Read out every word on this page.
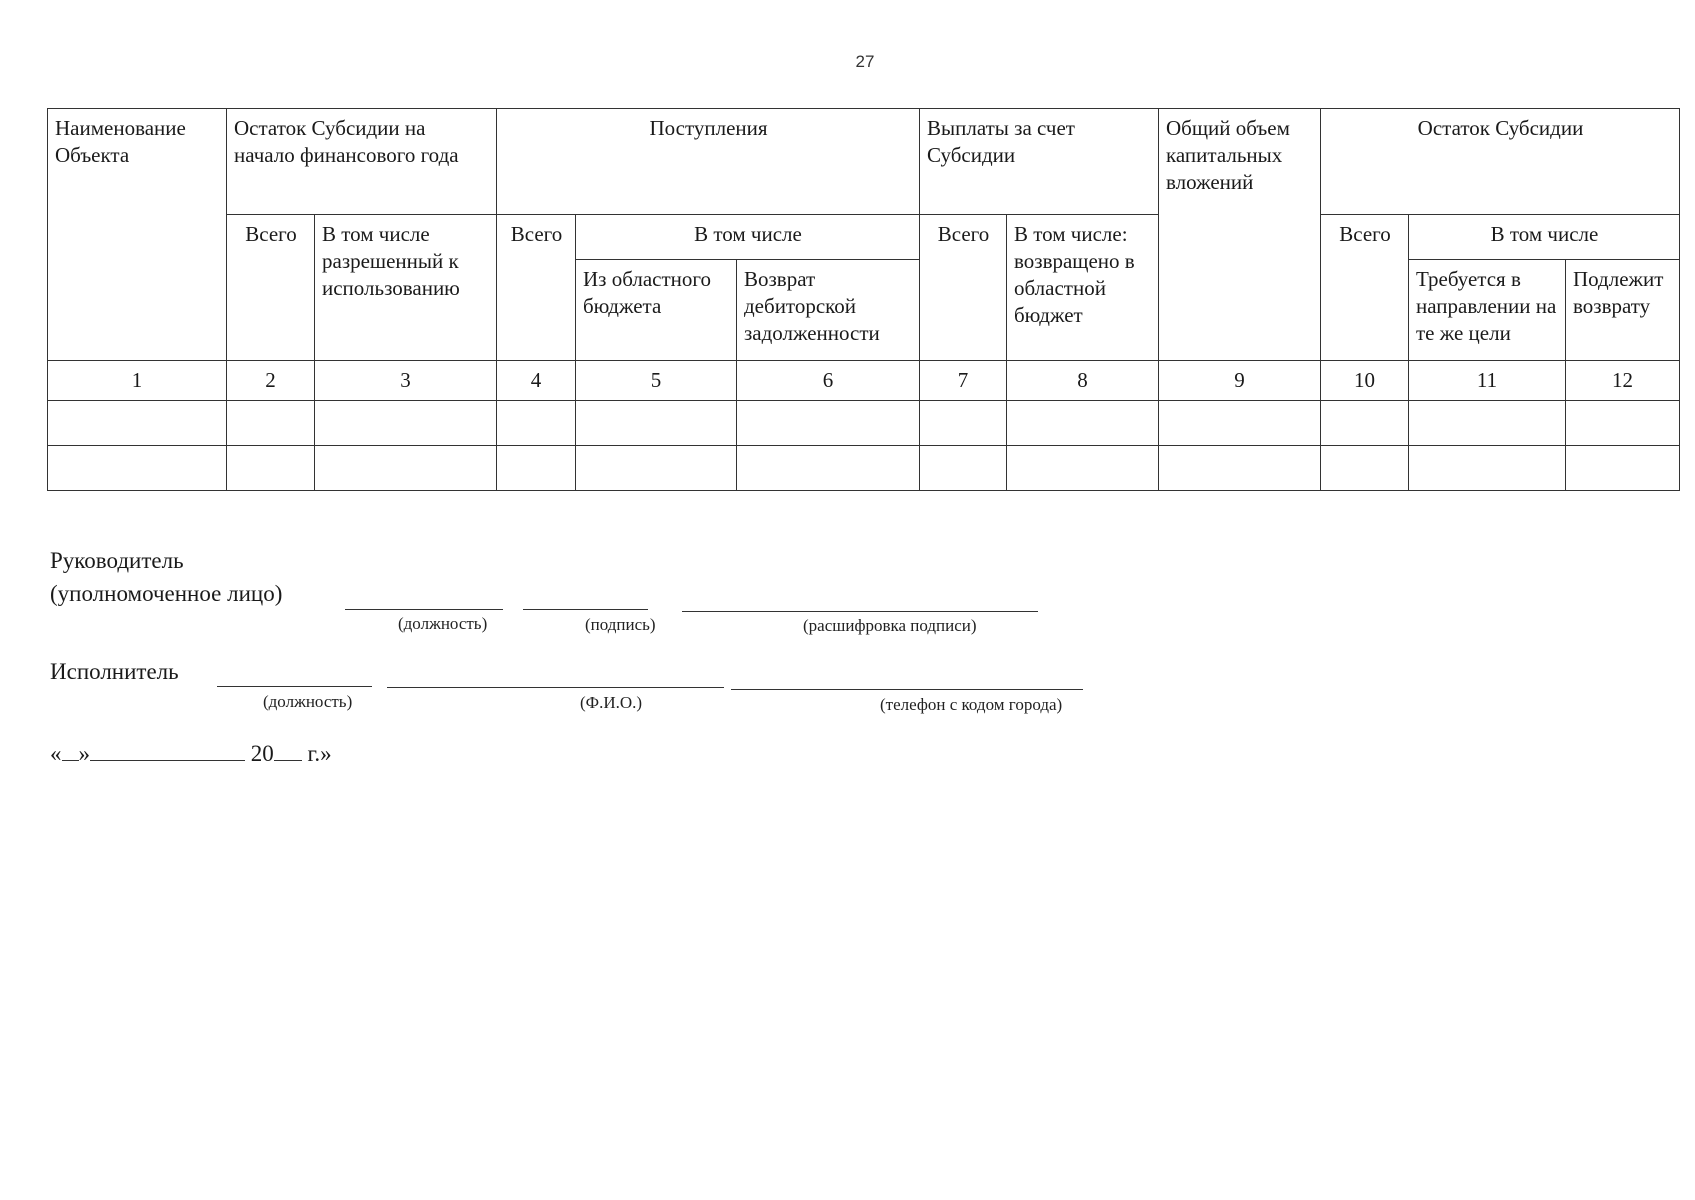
27
Наименование Объекта	Остаток Субсидии на начало финансового года		Поступления			Выплаты за счет Субсидии		Общий объем капитальных вложений	Остаток Субсидии		
	Всего	В том числе разрешенный к использованию	Всего	В том числе		Всего	В том числе: возвращено в областной бюджет		Всего	В том числе	
				Из областного бюджета	Возврат дебиторской задолженности					Требуется в направлении на те же цели	Подлежит возврату
1	2	3	4	5	6	7	8	9	10	11	12

Руководитель
(уполномоченное лицо)
(должность)	(подпись)	(расшифровка подписи)
Исполнитель
(должность)	(Ф.И.О.)	(телефон с кодом города)
« »	20 г.»
